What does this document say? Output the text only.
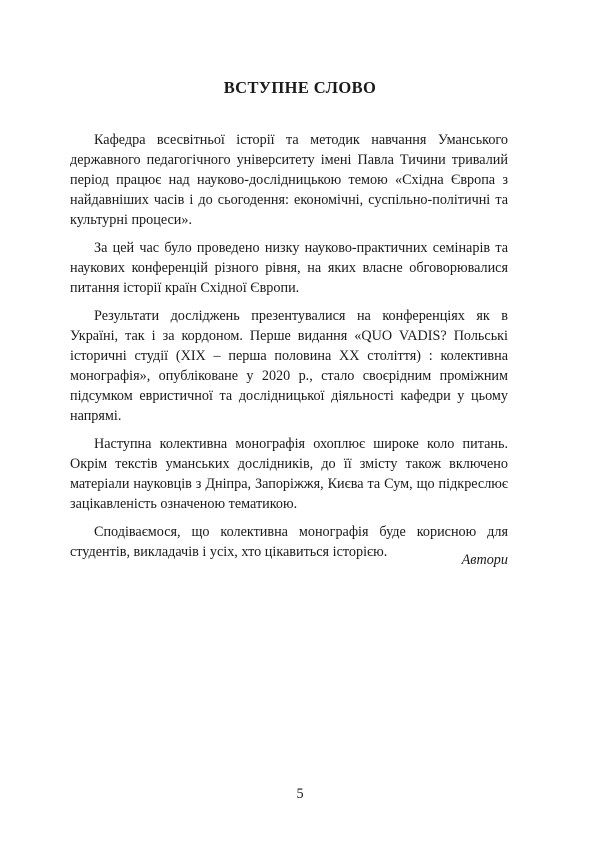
ВСТУПНЕ СЛОВО

Кафедра всесвітньої історії та методик навчання Уманського державного педагогічного університету імені Павла Тичини тривалий період працює над науково-дослідницькою темою «Східна Європа з найдавніших часів і до сьогодення: економічні, суспільно-політичні та культурні процеси».

За цей час було проведено низку науково-практичних семінарів та наукових конференцій різного рівня, на яких власне обговорювалися питання історії країн Східної Європи.

Результати досліджень презентувалися на конференціях як в Україні, так і за кордоном. Перше видання «QUO VADIS? Польські історичні студії (XIX – перша половина XX століття) : колективна монографія», опубліковане у 2020 р., стало своєрідним проміжним підсумком евристичної та дослідницької діяльності кафедри у цьому напрямі.

Наступна колективна монографія охоплює широке коло питань. Окрім текстів уманських дослідників, до її змісту також включено матеріали науковців з Дніпра, Запоріжжя, Києва та Сум, що підкреслює зацікавленість означеною тематикою.

Сподіваємося, що колективна монографія буде корисною для студентів, викладачів і усіх, хто цікавиться історією.	Автори
5
